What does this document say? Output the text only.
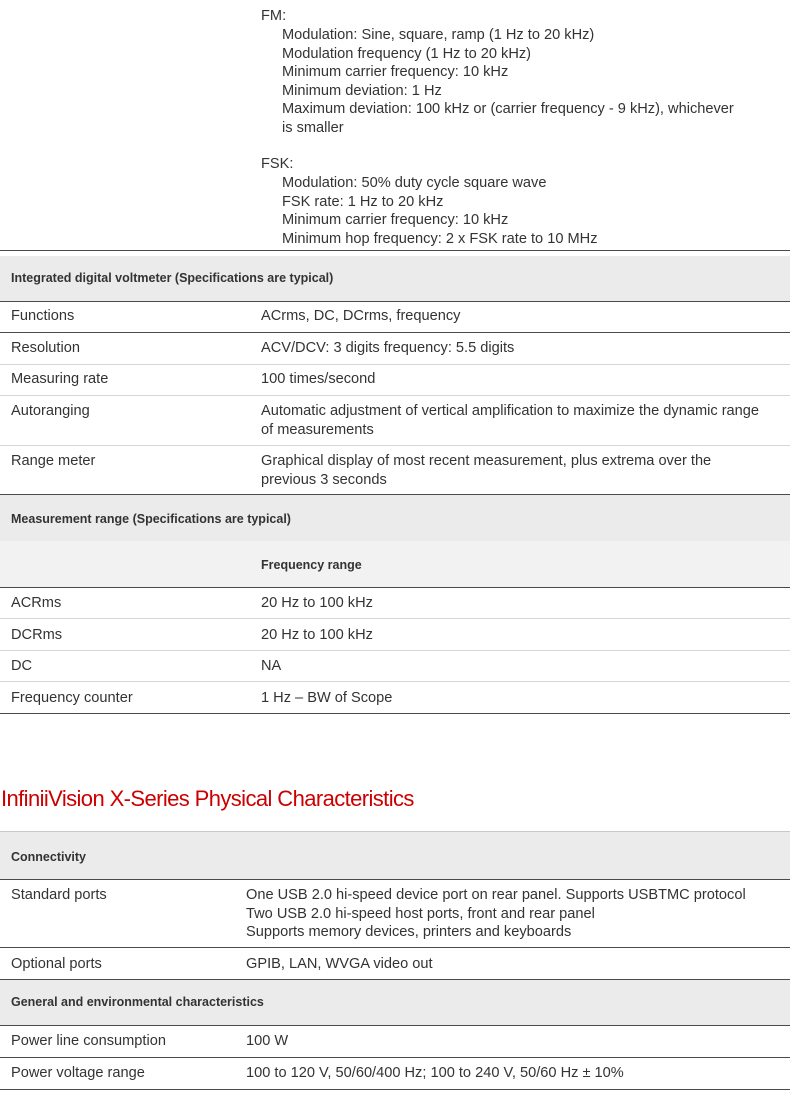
FM:
Modulation: Sine, square, ramp (1 Hz to 20 kHz)
Modulation frequency (1 Hz to 20 kHz)
Minimum carrier frequency: 10 kHz
Minimum deviation: 1 Hz
Maximum deviation: 100 kHz or (carrier frequency - 9 kHz), whichever
is smaller
FSK:
Modulation: 50% duty cycle square wave
FSK rate: 1 Hz to 20 kHz
Minimum carrier frequency: 10 kHz
Minimum hop frequency: 2 x FSK rate to 10 MHz
Integrated digital voltmeter (Specifications are typical)
Functions	ACrms, DC, DCrms, frequency
Resolution	ACV/DCV: 3 digits frequency: 5.5 digits
Measuring rate	100 times/second
Autoranging	Automatic adjustment of vertical amplification to maximize the dynamic range
of measurements
Range meter	Graphical display of most recent measurement, plus extrema over the
previous 3 seconds
Measurement range (Specifications are typical)
Frequency range
ACRms	20 Hz to 100 kHz
DCRms	20 Hz to 100 kHz
DC	NA
Frequency counter	1 Hz – BW of Scope
InfiniiVision X-Series Physical Characteristics
Connectivity
Standard ports	One USB 2.0 hi-speed device port on rear panel. Supports USBTMC protocol
Two USB 2.0 hi-speed host ports, front and rear panel
Supports memory devices, printers and keyboards
Optional ports	GPIB, LAN, WVGA video out
General and environmental characteristics
Power line consumption	100 W
Power voltage range	100 to 120 V, 50/60/400 Hz; 100 to 240 V, 50/60 Hz ± 10%
